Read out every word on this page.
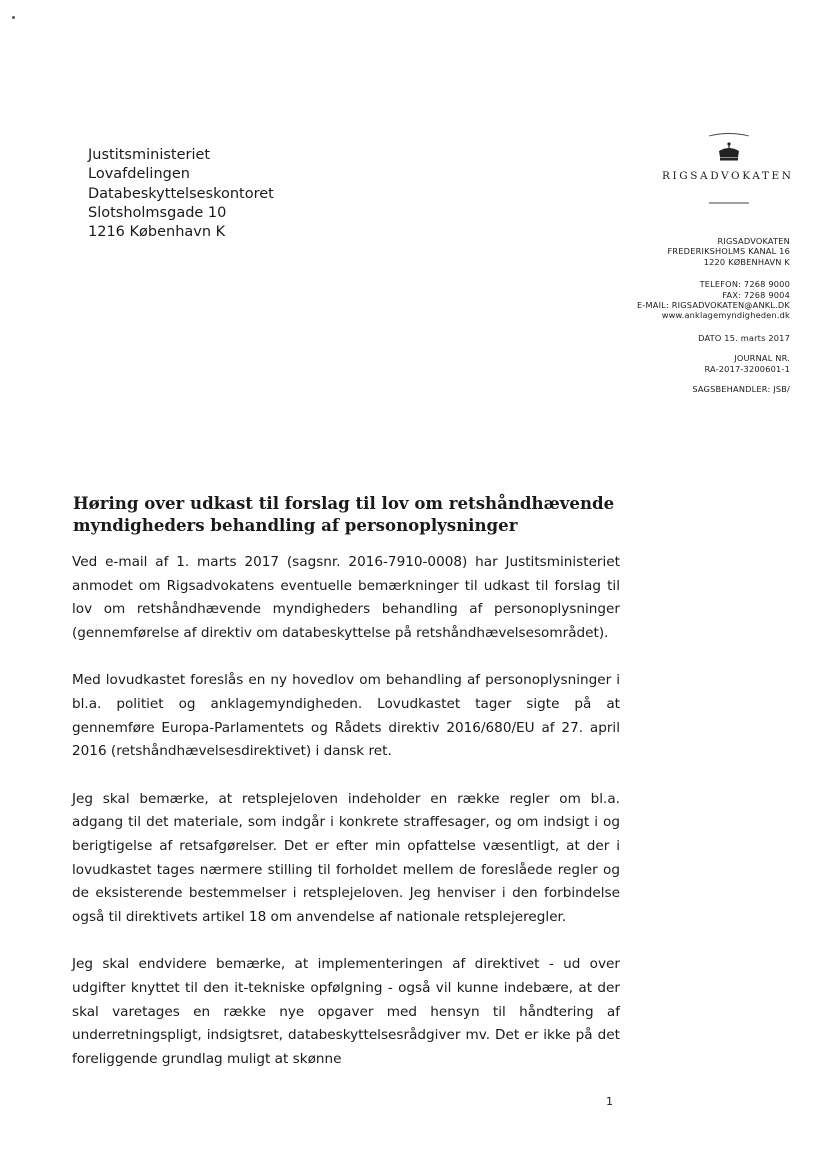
Justitsministeriet
Lovafdelingen
Databeskyttelseskontoret
Slotsholmsgade 10
1216 København K
RIGSADVOKATEN
RIGSADVOKATEN
FREDERIKSHOLMS KANAL 16
1220 KØBENHAVN K
TELEFON: 7268 9000
FAX: 7268 9004
E-MAIL: RIGSADVOKATEN@ANKL.DK
www.anklagemyndigheden.dk
DATO 15. marts 2017
JOURNAL NR.
RA-2017-3200601-1
SAGSBEHANDLER: JSB/
Høring over udkast til forslag til lov om retshåndhævende myndigheders behandling af personoplysninger

Ved e-mail af 1. marts 2017 (sagsnr. 2016-7910-0008) har Justitsministeriet anmodet om Rigsadvokatens eventuelle bemærkninger til udkast til forslag til lov om retshåndhævende myndigheders behandling af personoplysninger (gennemførelse af direktiv om databeskyttelse på retshåndhævelsesområdet).

Med lovudkastet foreslås en ny hovedlov om behandling af personoplysninger i bl.a. politiet og anklagemyndigheden. Lovudkastet tager sigte på at gennemføre Europa-Parlamentets og Rådets direktiv 2016/680/EU af 27. april 2016 (retshåndhævelsesdirektivet) i dansk ret.

Jeg skal bemærke, at retsplejeloven indeholder en række regler om bl.a. adgang til det materiale, som indgår i konkrete straffesager, og om indsigt i og berigtigelse af retsafgørelser. Det er efter min opfattelse væsentligt, at der i lovudkastet tages nærmere stilling til forholdet mellem de foreslåede regler og de eksisterende bestemmelser i retsplejeloven. Jeg henviser i den forbindelse også til direktivets artikel 18 om anvendelse af nationale retsplejeregler.

Jeg skal endvidere bemærke, at implementeringen af direktivet - ud over udgifter knyttet til den it-tekniske opfølgning - også vil kunne indebære, at der skal varetages en række nye opgaver med hensyn til håndtering af underretningspligt, indsigtsret, databeskyttelsesrådgiver mv. Det er ikke på det foreliggende grundlag muligt at skønne

1
